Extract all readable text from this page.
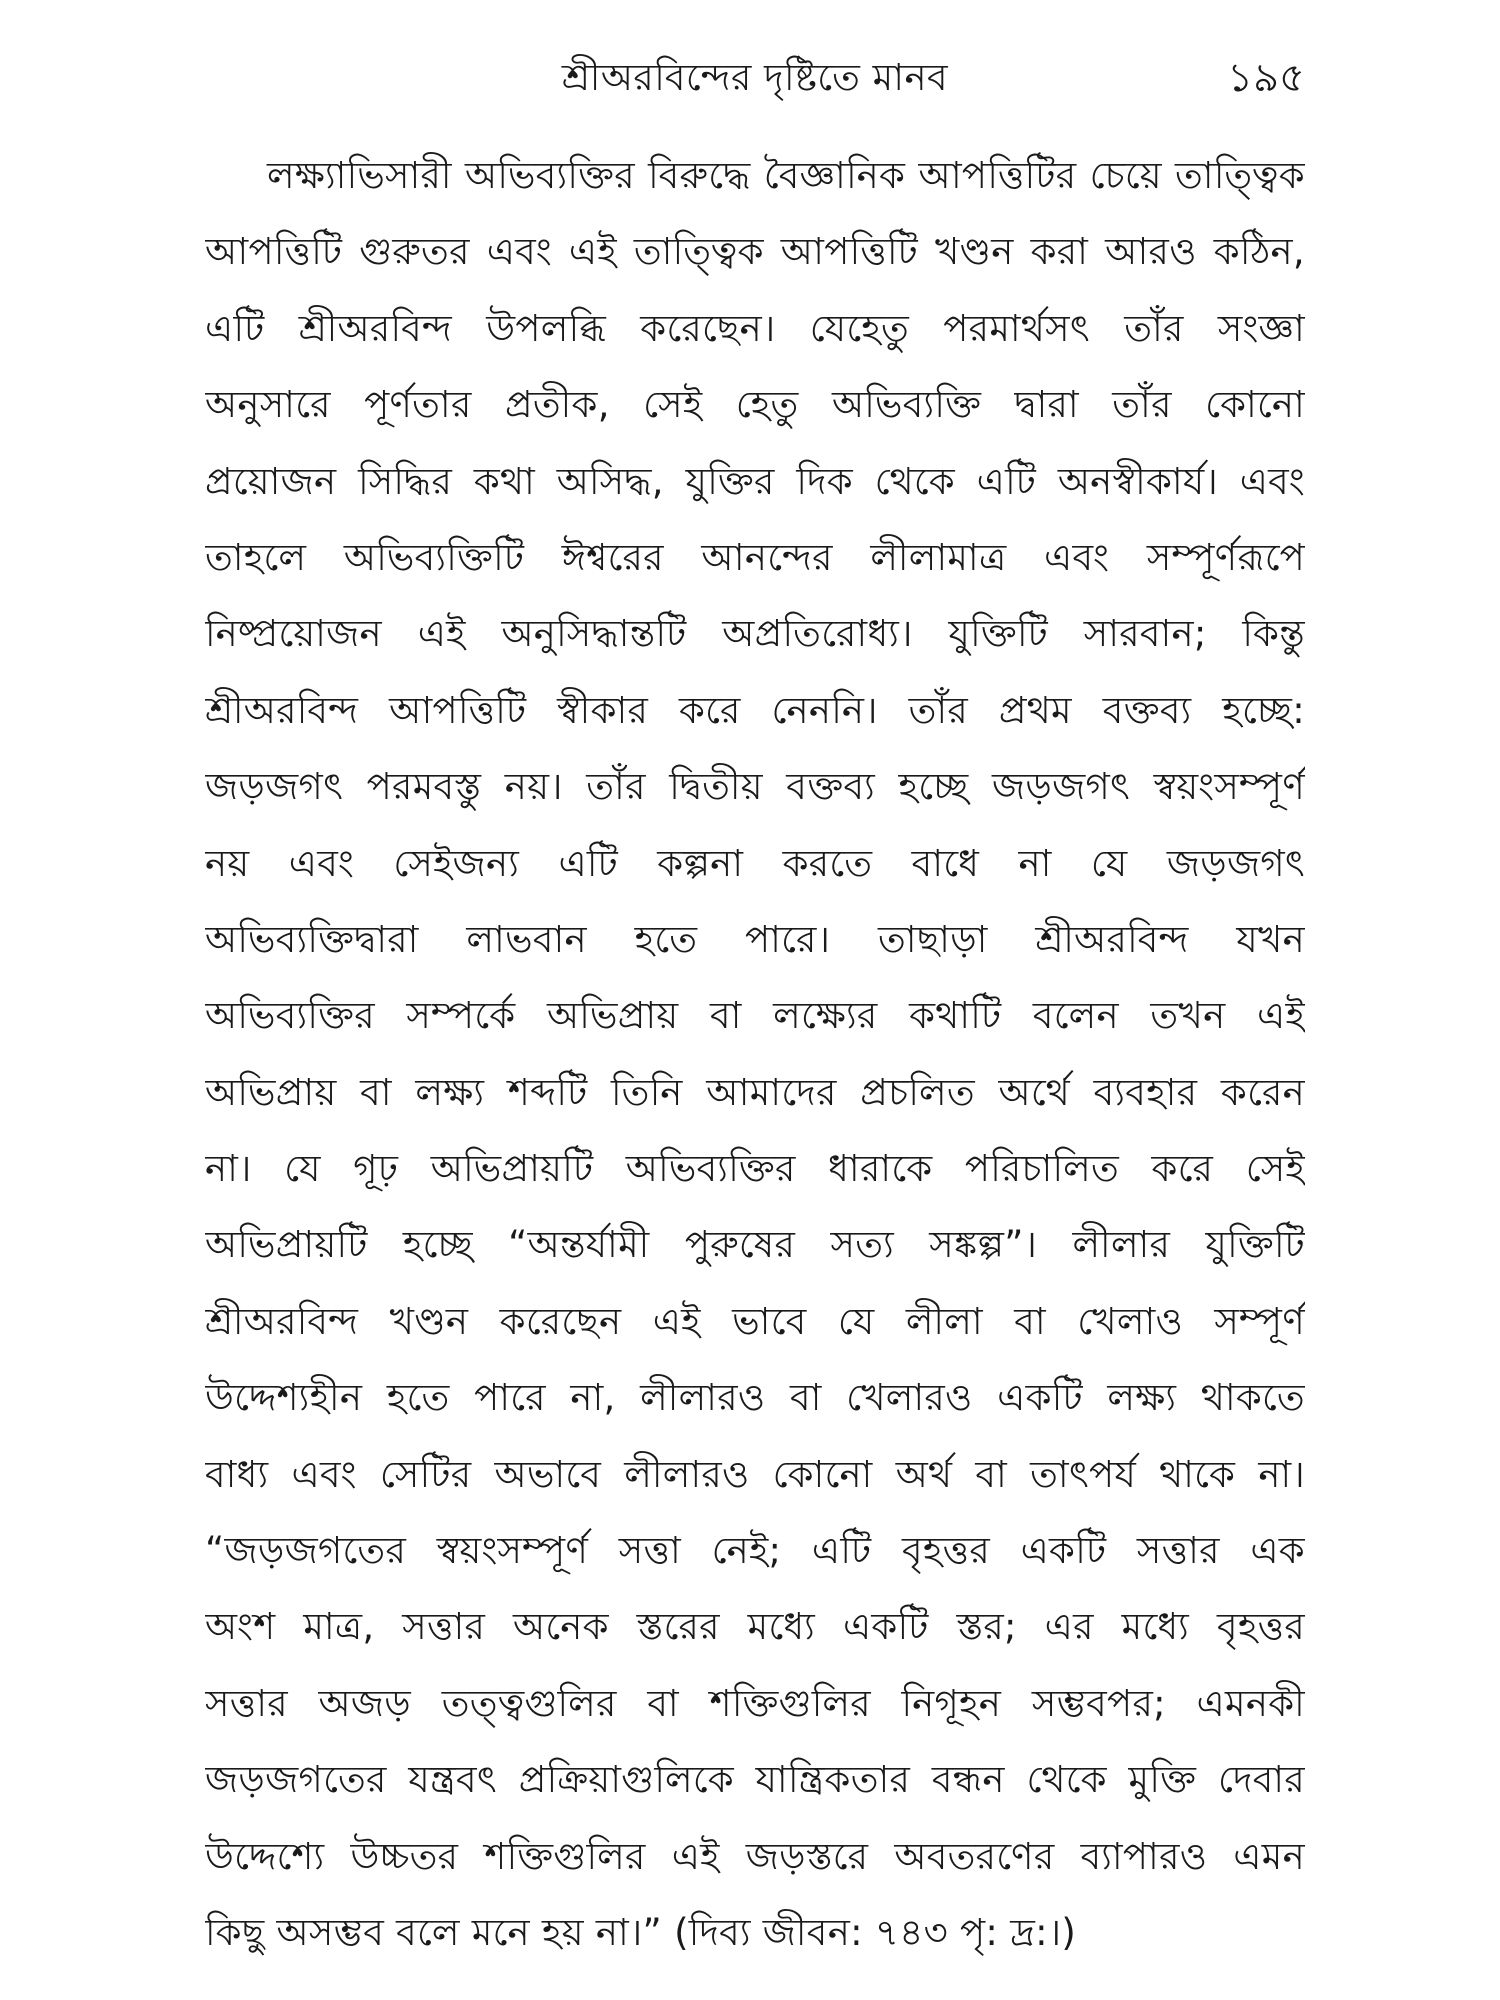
শ্রীঅরবিন্দের দৃষ্টিতে মানব	১৯৫
লক্ষ্যাভিসারী অভিব্যক্তির বিরুদ্ধে বৈজ্ঞানিক আপত্তিটির চেয়ে তাত্ত্বিক
আপত্তিটি গুরুতর এবং এই তাত্ত্বিক আপত্তিটি খণ্ডন করা আরও কঠিন,
এটি শ্রীঅরবিন্দ উপলব্ধি করেছেন। যেহেতু পরমার্থসৎ তাঁর সংজ্ঞা
অনুসারে পূর্ণতার প্রতীক, সেই হেতু অভিব্যক্তি দ্বারা তাঁর কোনো
প্রয়োজন সিদ্ধির কথা অসিদ্ধ, যুক্তির দিক থেকে এটি অনস্বীকার্য। এবং
তাহলে অভিব্যক্তিটি ঈশ্বরের আনন্দের লীলামাত্র এবং সম্পূর্ণরূপে
নিষ্প্রয়োজন এই অনুসিদ্ধান্তটি অপ্রতিরোধ্য। যুক্তিটি সারবান; কিন্তু
শ্রীঅরবিন্দ আপত্তিটি স্বীকার করে নেননি। তাঁর প্রথম বক্তব্য হচ্ছে:
জড়জগৎ পরমবস্তু নয়। তাঁর দ্বিতীয় বক্তব্য হচ্ছে জড়জগৎ স্বয়ংসম্পূর্ণ
নয় এবং সেইজন্য এটি কল্পনা করতে বাধে না যে জড়জগৎ
অভিব্যক্তিদ্বারা লাভবান হতে পারে। তাছাড়া শ্রীঅরবিন্দ যখন
অভিব্যক্তির সম্পর্কে অভিপ্রায় বা লক্ষ্যের কথাটি বলেন তখন এই
অভিপ্রায় বা লক্ষ্য শব্দটি তিনি আমাদের প্রচলিত অর্থে ব্যবহার করেন
না। যে গূঢ় অভিপ্রায়টি অভিব্যক্তির ধারাকে পরিচালিত করে সেই
অভিপ্রায়টি হচ্ছে “অন্তর্যামী পুরুষের সত্য সঙ্কল্প”। লীলার যুক্তিটি
শ্রীঅরবিন্দ খণ্ডন করেছেন এই ভাবে যে লীলা বা খেলাও সম্পূর্ণ
উদ্দেশ্যহীন হতে পারে না, লীলারও বা খেলারও একটি লক্ষ্য থাকতে
বাধ্য এবং সেটির অভাবে লীলারও কোনো অর্থ বা তাৎপর্য থাকে না।
“জড়জগতের স্বয়ংসম্পূর্ণ সত্তা নেই; এটি বৃহত্তর একটি সত্তার এক
অংশ মাত্র, সত্তার অনেক স্তরের মধ্যে একটি স্তর; এর মধ্যে বৃহত্তর
সত্তার অজড় তত্ত্বগুলির বা শক্তিগুলির নিগূহন সম্ভবপর; এমনকী
জড়জগতের যন্ত্রবৎ প্রক্রিয়াগুলিকে যান্ত্রিকতার বন্ধন থেকে মুক্তি দেবার
উদ্দেশ্যে উচ্চতর শক্তিগুলির এই জড়স্তরে অবতরণের ব্যাপারও এমন
কিছু অসম্ভব বলে মনে হয় না।” (দিব্য জীবন: ৭৪৩ পৃ: দ্র:।)
